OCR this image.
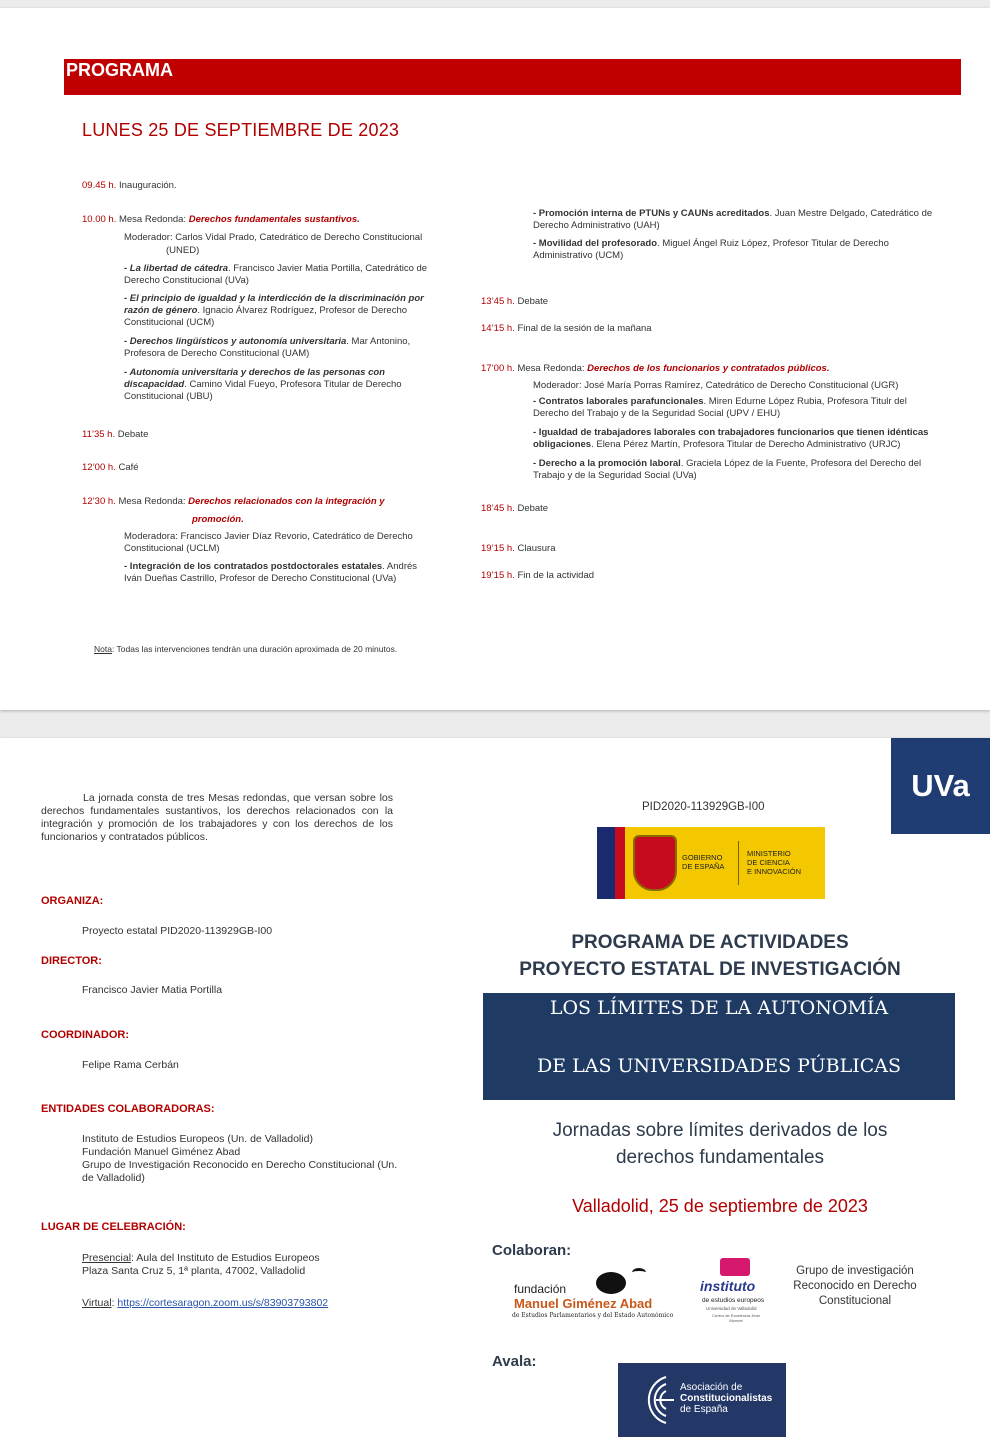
PROGRAMA
LUNES 25 DE SEPTIEMBRE DE 2023
09.45 h. Inauguración.
10.00 h. Mesa Redonda: Derechos fundamentales sustantivos.
Moderador: Carlos Vidal Prado, Catedrático de Derecho Constitucional
(UNED)
- La libertad de cátedra. Francisco Javier Matia Portilla, Catedrático de Derecho Constitucional (UVa)
- El principio de igualdad y la interdicción de la discriminación por razón de género. Ignacio Álvarez Rodríguez, Profesor de Derecho Constitucional (UCM)
- Derechos lingüísticos y autonomía universitaria. Mar Antonino, Profesora de Derecho Constitucional (UAM)
- Autonomía universitaria y derechos de las personas con discapacidad. Camino Vidal Fueyo, Profesora Titular de Derecho Constitucional (UBU)
11’35 h. Debate
12’00 h. Café
12’30 h. Mesa Redonda: Derechos relacionados con la integración y
promoción.
Moderadora: Francisco Javier Díaz Revorio, Catedrático de Derecho Constitucional (UCLM)
- Integración de los contratados postdoctorales estatales. Andrés Iván Dueñas Castrillo, Profesor de Derecho Constitucional (UVa)
Nota: Todas las intervenciones tendrán una duración aproximada de 20 minutos.
- Promoción interna de PTUNs y CAUNs acreditados. Juan Mestre Delgado, Catedrático de Derecho Administrativo (UAH)
- Movilidad del profesorado. Miguel Ángel Ruiz López, Profesor Titular de Derecho Administrativo (UCM)
13’45 h. Debate
14’15 h. Final de la sesión de la mañana
17’00 h. Mesa Redonda: Derechos de los funcionarios y contratados públicos.
Moderador: José María Porras Ramírez, Catedrático de Derecho Constitucional (UGR)
- Contratos laborales parafuncionales. Miren Edurne López Rubia, Profesora Titulr del Derecho del Trabajo y de la Seguridad Social (UPV / EHU)
- Igualdad de trabajadores laborales con trabajadores funcionarios que tienen idénticas obligaciones. Elena Pérez Martín, Profesora Titular de Derecho Administrativo (URJC)
- Derecho a la promoción laboral. Graciela López de la Fuente, Profesora del Derecho del Trabajo y de la Seguridad Social (UVa)
18’45 h. Debate
19’15 h. Clausura
19’15 h. Fin de la actividad
La jornada consta de tres Mesas redondas, que versan sobre los derechos fundamentales sustantivos, los derechos relacionados con la integración y promoción de los trabajadores y con los derechos de los funcionarios y contratados públicos.
ORGANIZA:
Proyecto estatal PID2020-113929GB-I00
DIRECTOR:
Francisco Javier Matia Portilla
COORDINADOR:
Felipe Rama Cerbán
ENTIDADES COLABORADORAS:
Instituto de Estudios Europeos (Un. de Valladolid)
Fundación Manuel Giménez Abad
Grupo de Investigación Reconocido en Derecho Constitucional (Un. de Valladolid)
LUGAR DE CELEBRACIÓN:
Presencial: Aula del Instituto de Estudios Europeos
Plaza Santa Cruz 5, 1ª planta, 47002, Valladolid
Virtual: https://cortesaragon.zoom.us/s/83903793802
UVa
PID2020-113929GB-I00
GOBIERNO
DE ESPAÑA
MINISTERIO
DE CIENCIA
E INNOVACIÓN
PROGRAMA DE ACTIVIDADES
PROYECTO ESTATAL DE INVESTIGACIÓN
LOS LÍMITES DE LA AUTONOMÍA
DE LAS UNIVERSIDADES PÚBLICAS
Jornadas sobre límites derivados de los
derechos fundamentales
Valladolid, 25 de septiembre de 2023
Colaboran:
fundación
Manuel Giménez Abad
de Estudios Parlamentarios y del Estado Autonómico
instituto
de estudios europeos
Universidad de Valladolid
Centro de Excelencia Jean Monnet
Grupo de investigación
Reconocido en Derecho
Constitucional
Avala:
Asociación de
Constitucionalistas
de España
